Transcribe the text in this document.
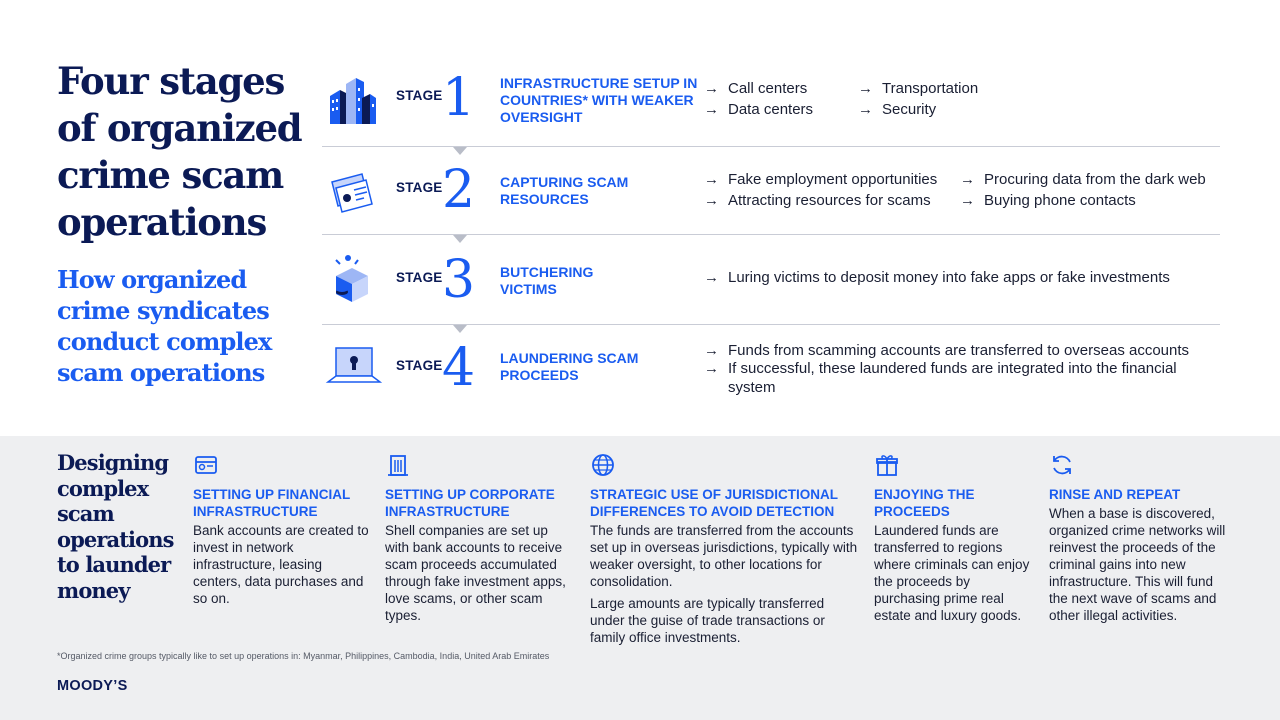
Four stages of organized crime scam operations
How organized crime syndicates conduct complex scam operations
STAGE 1 INFRASTRUCTURE SETUP IN COUNTRIES* WITH WEAKER OVERSIGHT
→ Call centers
→ Data centers
→ Transportation
→ Security
STAGE 2 CAPTURING SCAM RESOURCES
→ Fake employment opportunities
→ Attracting resources for scams
→ Procuring data from the dark web
→ Buying phone contacts
STAGE 3 BUTCHERING VICTIMS
→ Luring victims to deposit money into fake apps or fake investments
STAGE 4 LAUNDERING SCAM PROCEEDS
→ Funds from scamming accounts are transferred to overseas accounts
→ If successful, these laundered funds are integrated into the financial system
Designing complex scam operations to launder money
SETTING UP FINANCIAL INFRASTRUCTURE

Bank accounts are created to invest in network infrastructure, leasing centers, data purchases and so on.

SETTING UP CORPORATE INFRASTRUCTURE

Shell companies are set up with bank accounts to receive scam proceeds accumulated through fake investment apps, love scams, or other scam types.

STRATEGIC USE OF JURISDICTIONAL DIFFERENCES TO AVOID DETECTION

The funds are transferred from the accounts set up in overseas jurisdictions, typically with weaker oversight, to other locations for consolidation.

Large amounts are typically transferred under the guise of trade transactions or family office investments.

ENJOYING THE PROCEEDS

Laundered funds are transferred to regions where criminals can enjoy the proceeds by purchasing prime real estate and luxury goods.

RINSE AND REPEAT

When a base is discovered, organized crime networks will reinvest the proceeds of the criminal gains into new infrastructure. This will fund the next wave of scams and other illegal activities.

*Organized crime groups typically like to set up operations in: Myanmar, Philippines, Cambodia, India, United Arab Emirates
MOODY’S
